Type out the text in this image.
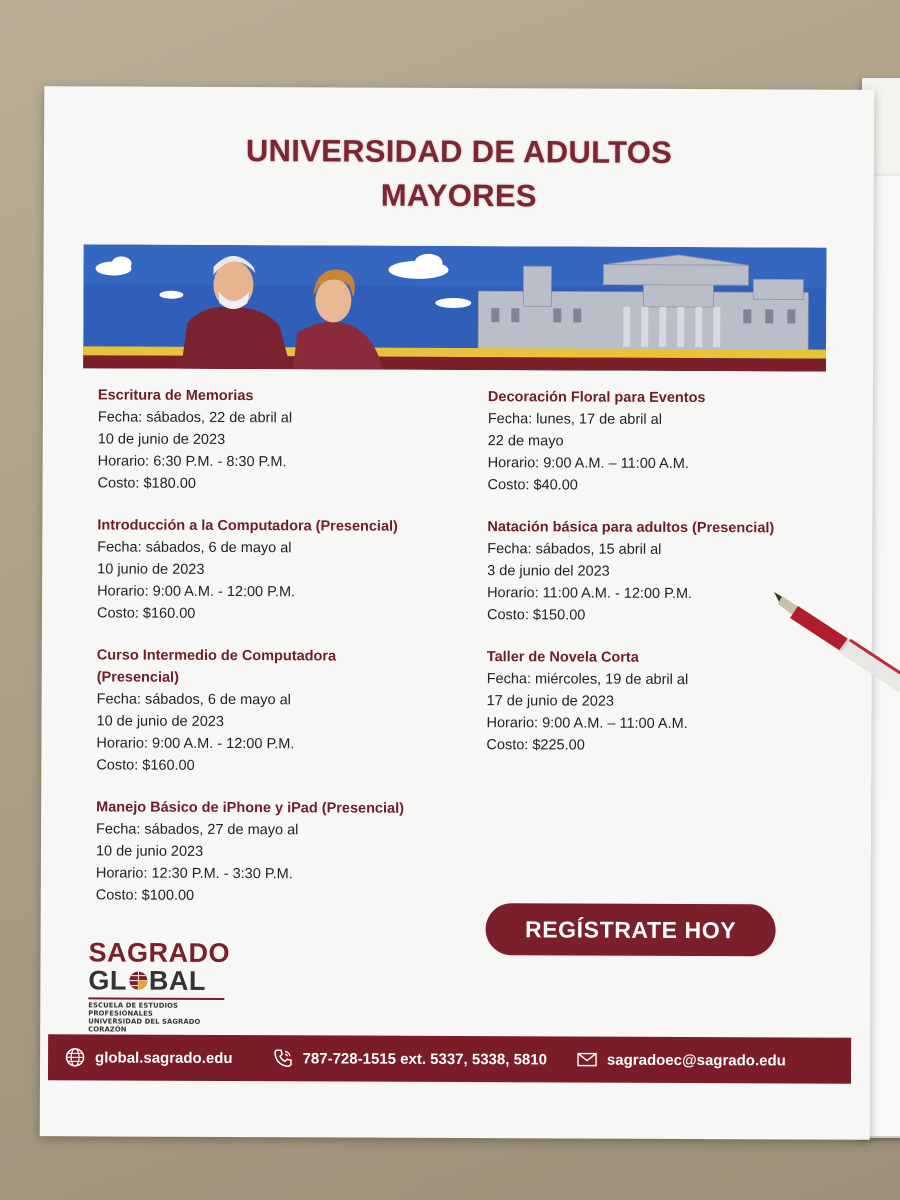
UNIVERSIDAD DE ADULTOS
MAYORES
Escritura de Memorias
Fecha: sábados, 22 de abril al
10 de junio de 2023
Horario: 6:30 P.M. - 8:30 P.M.
Costo: $180.00
Introducción a la Computadora (Presencial)
Fecha: sábados, 6 de mayo al
10 junio de 2023
Horario: 9:00 A.M. - 12:00 P.M.
Costo: $160.00
Curso Intermedio de Computadora
(Presencial)
Fecha: sábados, 6 de mayo al
10 de junio de 2023
Horario: 9:00 A.M. - 12:00 P.M.
Costo: $160.00
Manejo Básico de iPhone y iPad (Presencial)
Fecha: sábados, 27 de mayo al
10 de junio 2023
Horario: 12:30 P.M. - 3:30 P.M.
Costo: $100.00
Decoración Floral para Eventos
Fecha: lunes, 17 de abril al
22 de mayo
Horario: 9:00 A.M. – 11:00 A.M.
Costo: $40.00
Natación básica para adultos (Presencial)
Fecha: sábados, 15 abril al
3 de junio del 2023
Horario: 11:00 A.M. - 12:00 P.M.
Costo: $150.00
Taller de Novela Corta
Fecha: miércoles, 19 de abril al
17 de junio de 2023
Horario: 9:00 A.M. – 11:00 A.M.
Costo: $225.00
REGÍSTRATE HOY
SAGRADO
GL BAL
ESCUELA DE ESTUDIOS PROFESIONALES
UNIVERSIDAD DEL SAGRADO CORAZÓN
global.sagrado.edu	787-728-1515 ext. 5337, 5338, 5810	sagradoec@sagrado.edu
